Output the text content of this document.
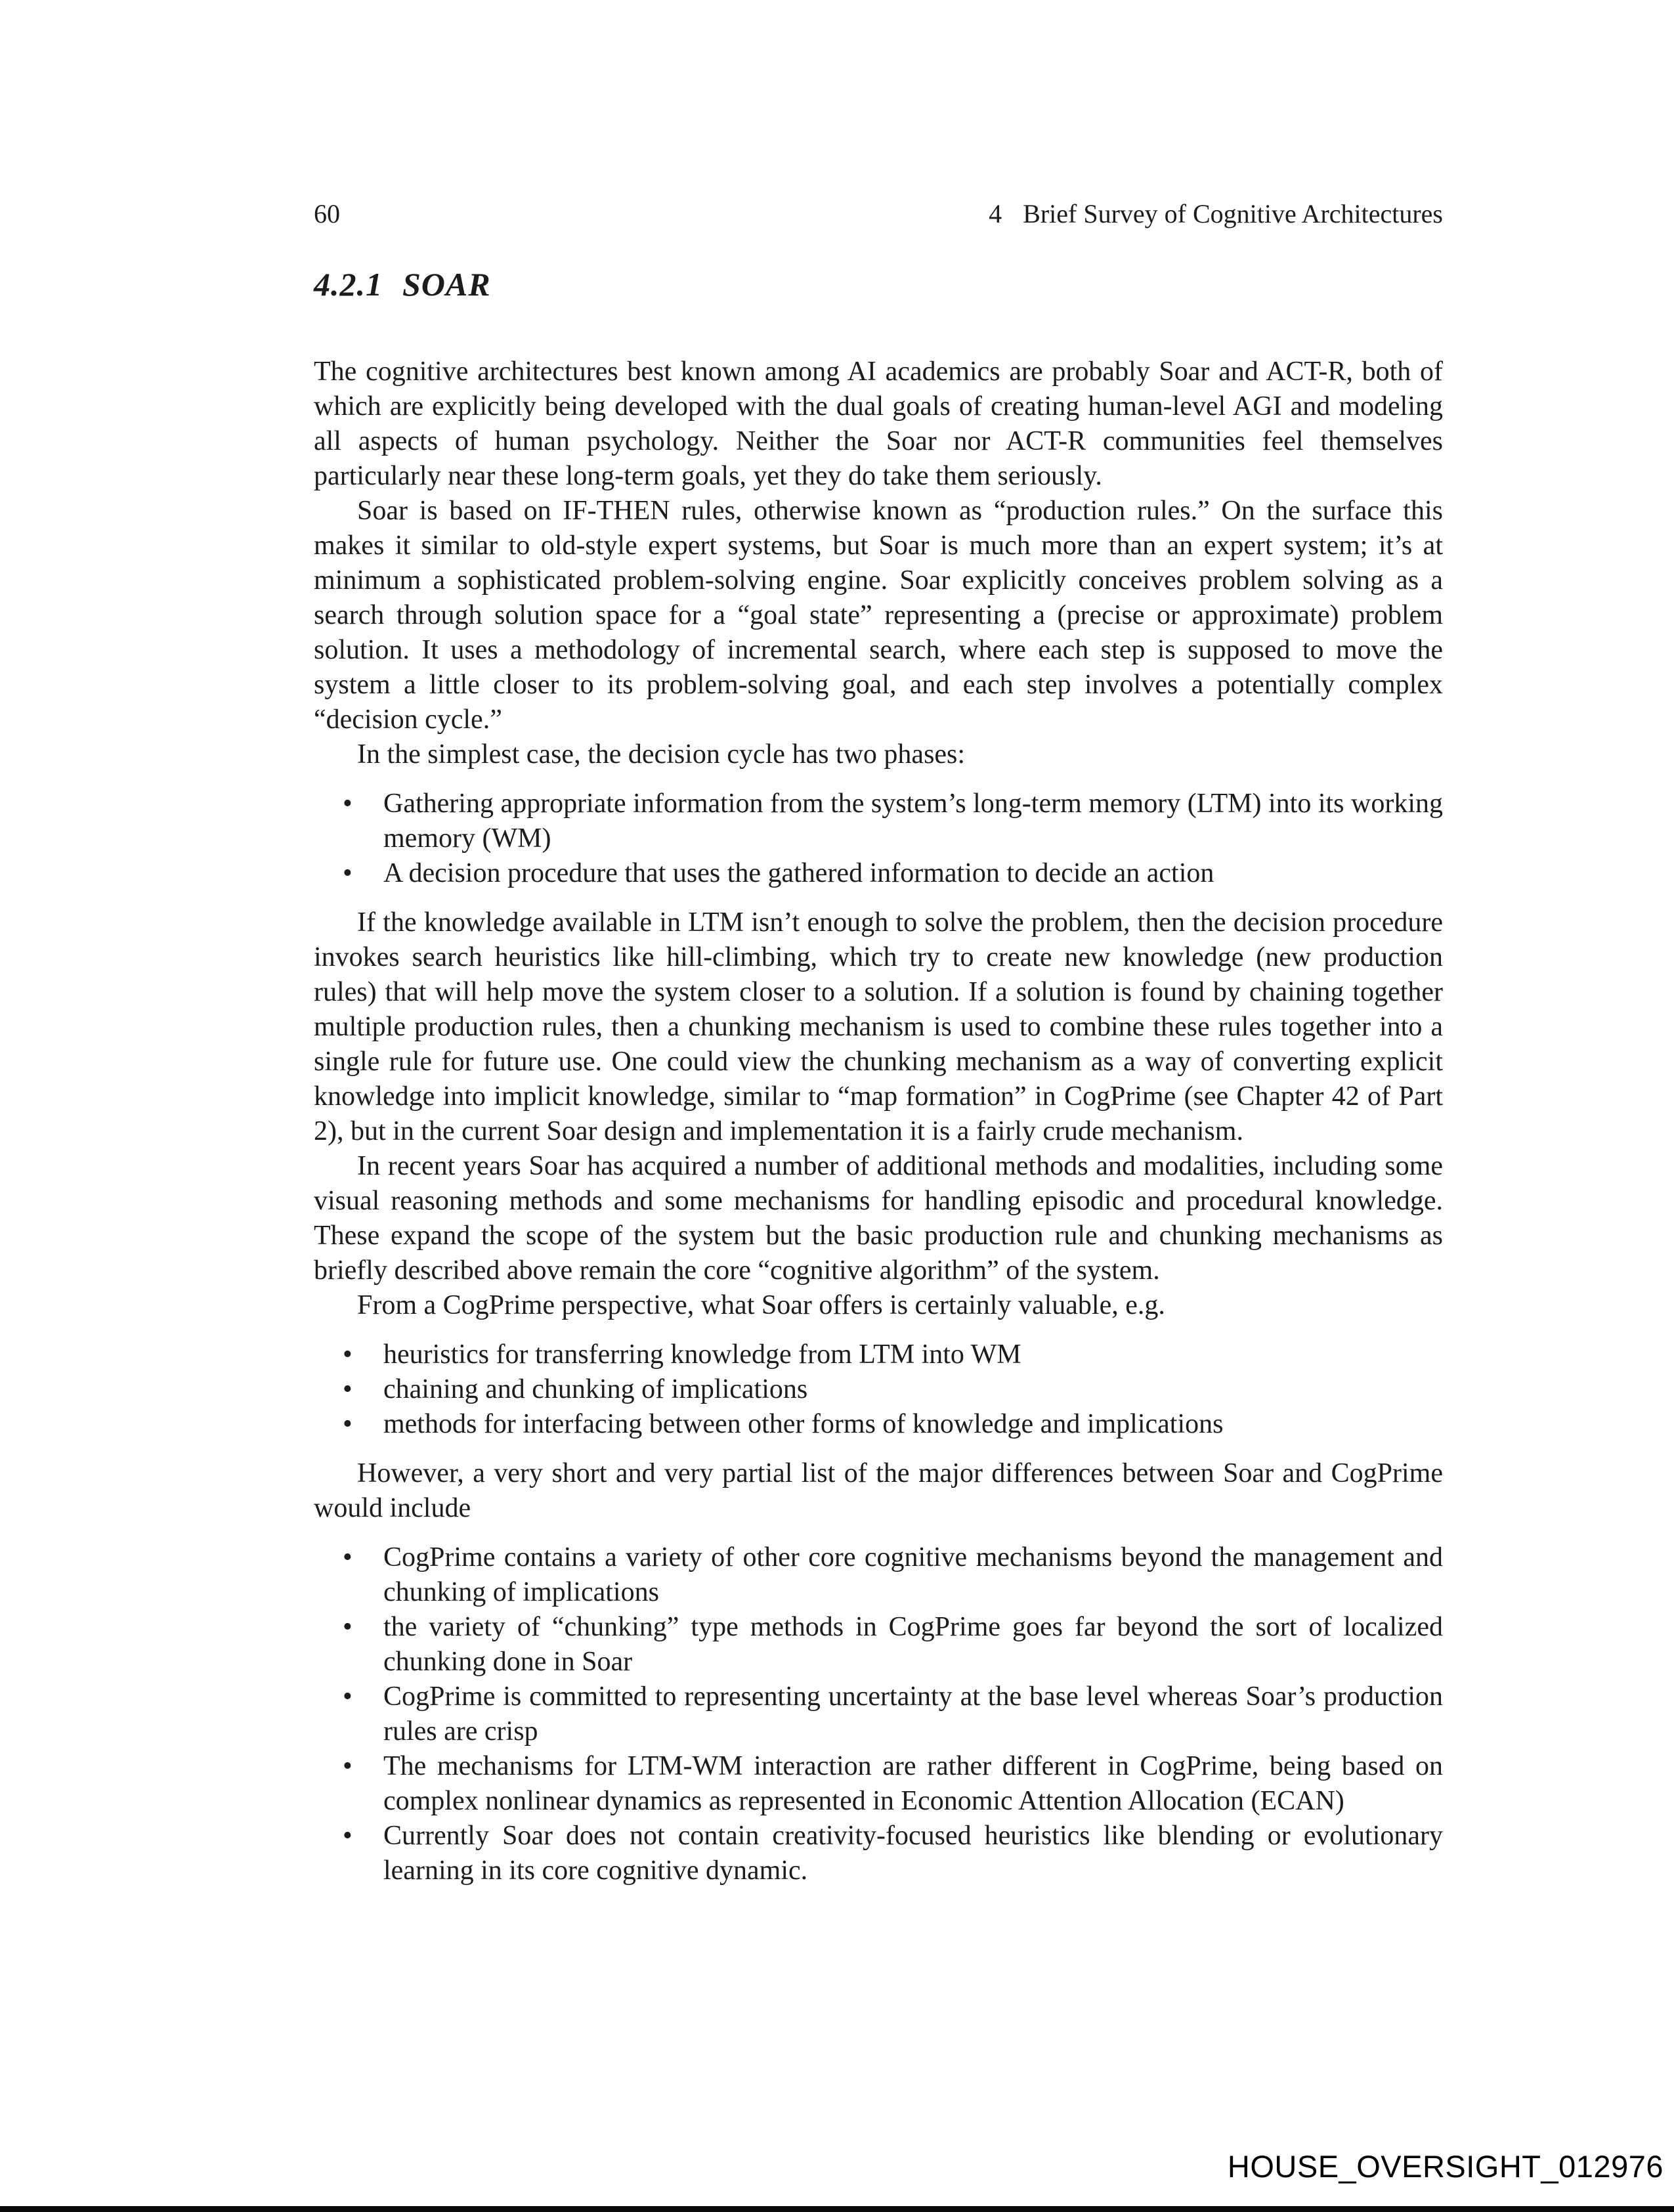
60	4 Brief Survey of Cognitive Architectures
4.2.1 SOAR

The cognitive architectures best known among AI academics are probably Soar and ACT-R, both of which are explicitly being developed with the dual goals of creating human-level AGI and modeling all aspects of human psychology. Neither the Soar nor ACT-R communities feel themselves particularly near these long-term goals, yet they do take them seriously.

Soar is based on IF-THEN rules, otherwise known as “production rules.” On the surface this makes it similar to old-style expert systems, but Soar is much more than an expert system; it’s at minimum a sophisticated problem-solving engine. Soar explicitly conceives problem solving as a search through solution space for a “goal state” representing a (precise or approximate) problem solution. It uses a methodology of incremental search, where each step is supposed to move the system a little closer to its problem-solving goal, and each step involves a potentially complex “decision cycle.”

In the simplest case, the decision cycle has two phases:

• Gathering appropriate information from the system’s long-term memory (LTM) into its working memory (WM)
• A decision procedure that uses the gathered information to decide an action

If the knowledge available in LTM isn’t enough to solve the problem, then the decision procedure invokes search heuristics like hill-climbing, which try to create new knowledge (new production rules) that will help move the system closer to a solution. If a solution is found by chaining together multiple production rules, then a chunking mechanism is used to combine these rules together into a single rule for future use. One could view the chunking mechanism as a way of converting explicit knowledge into implicit knowledge, similar to “map formation” in CogPrime (see Chapter 42 of Part 2), but in the current Soar design and implementation it is a fairly crude mechanism.

In recent years Soar has acquired a number of additional methods and modalities, including some visual reasoning methods and some mechanisms for handling episodic and procedural knowledge. These expand the scope of the system but the basic production rule and chunking mechanisms as briefly described above remain the core “cognitive algorithm” of the system.

From a CogPrime perspective, what Soar offers is certainly valuable, e.g.

• heuristics for transferring knowledge from LTM into WM
• chaining and chunking of implications
• methods for interfacing between other forms of knowledge and implications

However, a very short and very partial list of the major differences between Soar and CogPrime would include

• CogPrime contains a variety of other core cognitive mechanisms beyond the management and chunking of implications
• the variety of “chunking” type methods in CogPrime goes far beyond the sort of localized chunking done in Soar
• CogPrime is committed to representing uncertainty at the base level whereas Soar’s production rules are crisp
• The mechanisms for LTM-WM interaction are rather different in CogPrime, being based on complex nonlinear dynamics as represented in Economic Attention Allocation (ECAN)
• Currently Soar does not contain creativity-focused heuristics like blending or evolutionary learning in its core cognitive dynamic.
HOUSE_OVERSIGHT_012976
